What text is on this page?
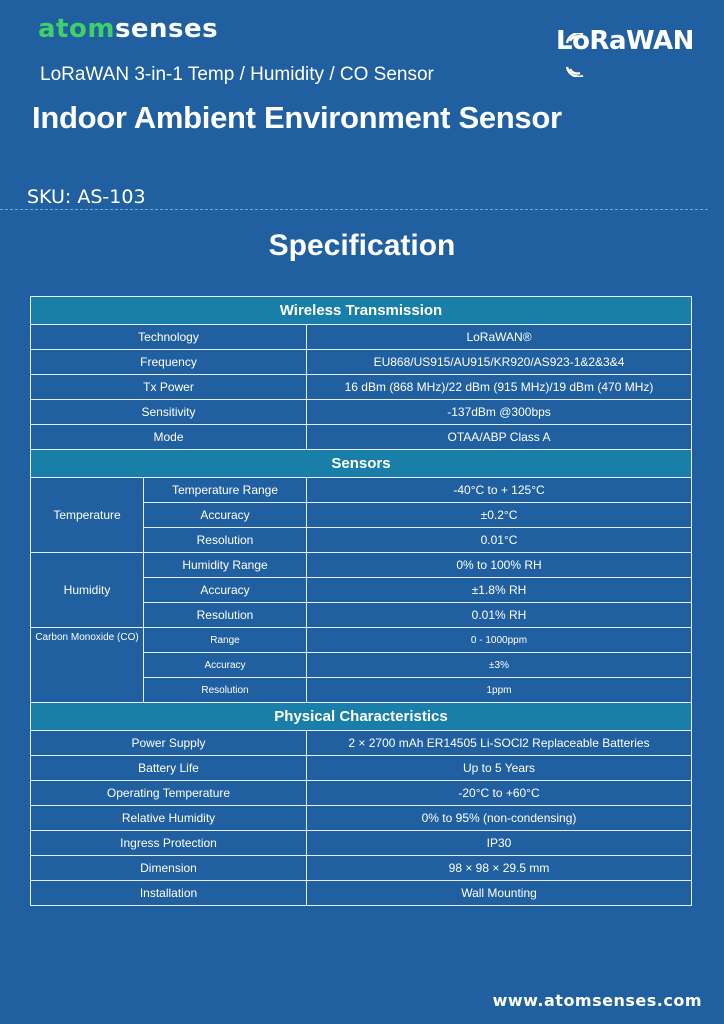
atomsenses	LoRaWAN
LoRaWAN 3-in-1 Temp / Humidity / CO Sensor
Indoor Ambient Environment Sensor
SKU: AS-103
Specification
Wireless Transmission		
Technology		LoRaWAN®
Frequency		EU868/US915/AU915/KR920/AS923-1&2&3&4
Tx Power		16 dBm (868 MHz)/22 dBm (915 MHz)/19 dBm (470 MHz)
Sensitivity		-137dBm @300bps
Mode		OTAA/ABP Class A
Sensors		
Temperature	Temperature Range	-40°C to + 125°C
	Accuracy	±0.2°C
	Resolution	0.01°C
Humidity	Humidity Range	0% to 100% RH
	Accuracy	±1.8% RH
	Resolution	0.01% RH
Carbon Monoxide (CO)	Range	0 - 1000ppm
	Accuracy	±3%
	Resolution	1ppm
Physical Characteristics		
Power Supply		2 × 2700 mAh ER14505 Li-SOCl2 Replaceable Batteries
Battery Life		Up to 5 Years
Operating Temperature		-20°C to +60°C
Relative Humidity		0% to 95% (non-condensing)
Ingress Protection		IP30
Dimension		98 × 98 × 29.5 mm
Installation		Wall Mounting
www.atomsenses.com
